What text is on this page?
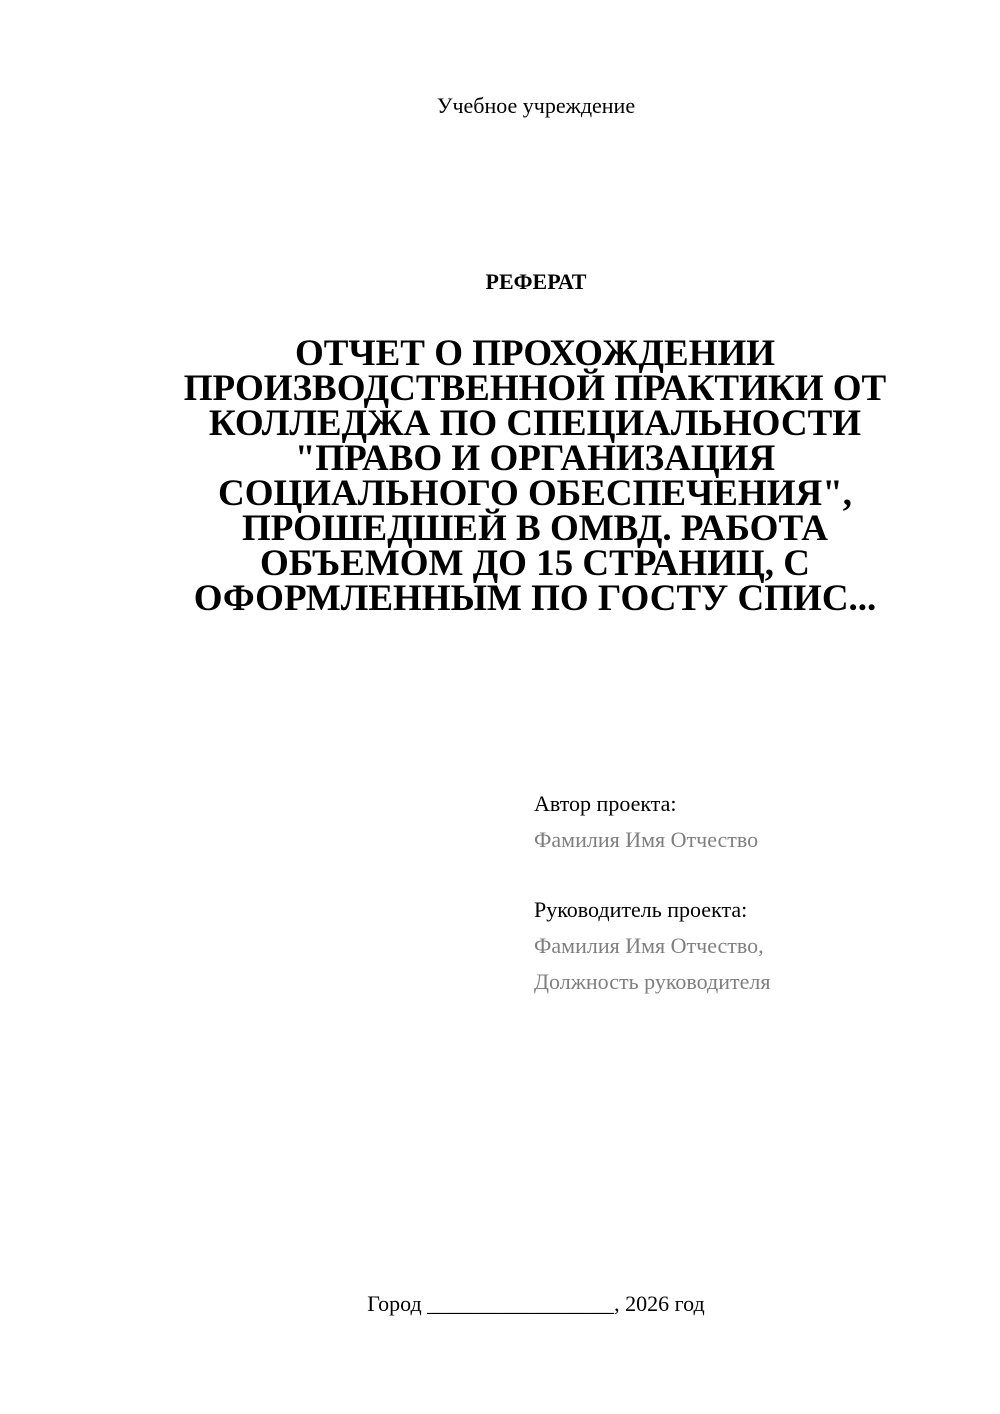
Учебное учреждение
РЕФЕРАТ
ОТЧЕТ О ПРОХОЖДЕНИИ ПРОИЗВОДСТВЕННОЙ ПРАКТИКИ ОТ КОЛЛЕДЖА ПО СПЕЦИАЛЬНОСТИ "ПРАВО И ОРГАНИЗАЦИЯ СОЦИАЛЬНОГО ОБЕСПЕЧЕНИЯ", ПРОШЕДШЕЙ В ОМВД. РАБОТА ОБЪЕМОМ ДО 15 СТРАНИЦ, С ОФОРМЛЕННЫМ ПО ГОСТУ СПИС...
Автор проекта:
Фамилия Имя Отчество
Руководитель проекта:
Фамилия Имя Отчество,
Должность руководителя
Город _________________, 2026 год
